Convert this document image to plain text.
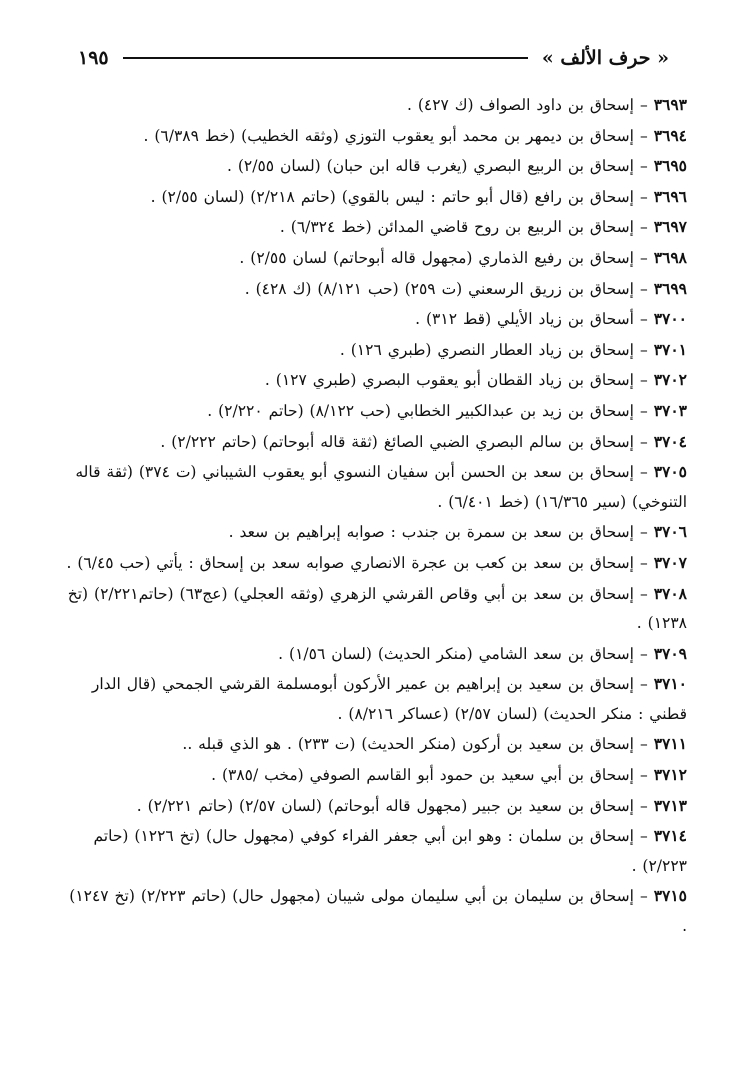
« حرف الألف »
١٩٥
٣٦٩٣–إسحاق بن داود الصواف (ك ٤٢٧) .
٣٦٩٤–إسحاق بن ديمهر بن محمد أبو يعقوب التوزي (وثقه الخطيب) (خط ٦/٣٨٩) .
٣٦٩٥–إسحاق بن الربيع البصري (يغرب قاله ابن حبان) (لسان ٢/٥٥) .
٣٦٩٦–إسحاق بن رافع (قال أبو حاتم : ليس بالقوي) (حاتم ٢/٢١٨) (لسان ٢/٥٥) .
٣٦٩٧–إسحاق بن الربيع بن روح قاضي المدائن (خط ٦/٣٢٤) .
٣٦٩٨–إسحاق بن رفيع الذماري (مجهول قاله أبوحاتم) لسان ٢/٥٥) .
٣٦٩٩–إسحاق بن زريق الرسعني (ت ٢٥٩) (حب ٨/١٢١) (ك ٤٢٨) .
٣٧٠٠–أسحاق بن زياد الأيلي (قط ٣١٢) .
٣٧٠١–إسحاق بن زياد العطار النصري (طبري ١٢٦) .
٣٧٠٢–إسحاق بن زياد القطان أبو يعقوب البصري (طبري ١٢٧) .
٣٧٠٣–إسحاق بن زيد بن عبدالكبير الخطابي (حب ٨/١٢٢) (حاتم ٢/٢٢٠) .
٣٧٠٤–إسحاق بن سالم البصري الضبي الصائغ (ثقة قاله أبوحاتم) (حاتم ٢/٢٢٢) .
٣٧٠٥–إسحاق بن سعد بن الحسن أبن سفيان النسوي أبو يعقوب الشيباني (ت ٣٧٤) (ثقة قاله التنوخي) (سير ١٦/٣٦٥) (خط ٦/٤٠١) .
٣٧٠٦–إسحاق بن سعد بن سمرة بن جندب : صوابه إبراهيم بن سعد .
٣٧٠٧–إسحاق بن سعد بن كعب بن عجرة الانصاري صوابه سعد بن إسحاق : يأتي (حب ٦/٤٥) .
٣٧٠٨–إسحاق بن سعد بن أبي وقاص القرشي الزهري (وثقه العجلي) (عج٦٣) (حاتم٢/٢٢١) (تخ ١٢٣٨) .
٣٧٠٩–إسحاق بن سعد الشامي (منكر الحديث) (لسان ١/٥٦) .
٣٧١٠–إسحاق بن سعيد بن إبراهيم بن عمير الأركون أبومسلمة القرشي الجمحي (قال الدار قطني : منكر الحديث) (لسان ٢/٥٧) (عساكر ٨/٢١٦) .
٣٧١١–إسحاق بن سعيد بن أركون (منكر الحديث) (ت ٢٣٣) . هو الذي قبله ..
٣٧١٢–إسحاق بن أبي سعيد بن حمود أبو القاسم الصوفي (مخب /٣٨٥) .
٣٧١٣–إسحاق بن سعيد بن جبير (مجهول قاله أبوحاتم) (لسان ٢/٥٧) (حاتم ٢/٢٢١) .
٣٧١٤–إسحاق بن سلمان : وهو ابن أبي جعفر الفراء كوفي (مجهول حال) (تخ ١٢٢٦) (حاتم ٢/٢٢٣) .
٣٧١٥–إسحاق بن سليمان بن أبي سليمان مولى شيبان (مجهول حال) (حاتم ٢/٢٢٣) (تخ ١٢٤٧) .
